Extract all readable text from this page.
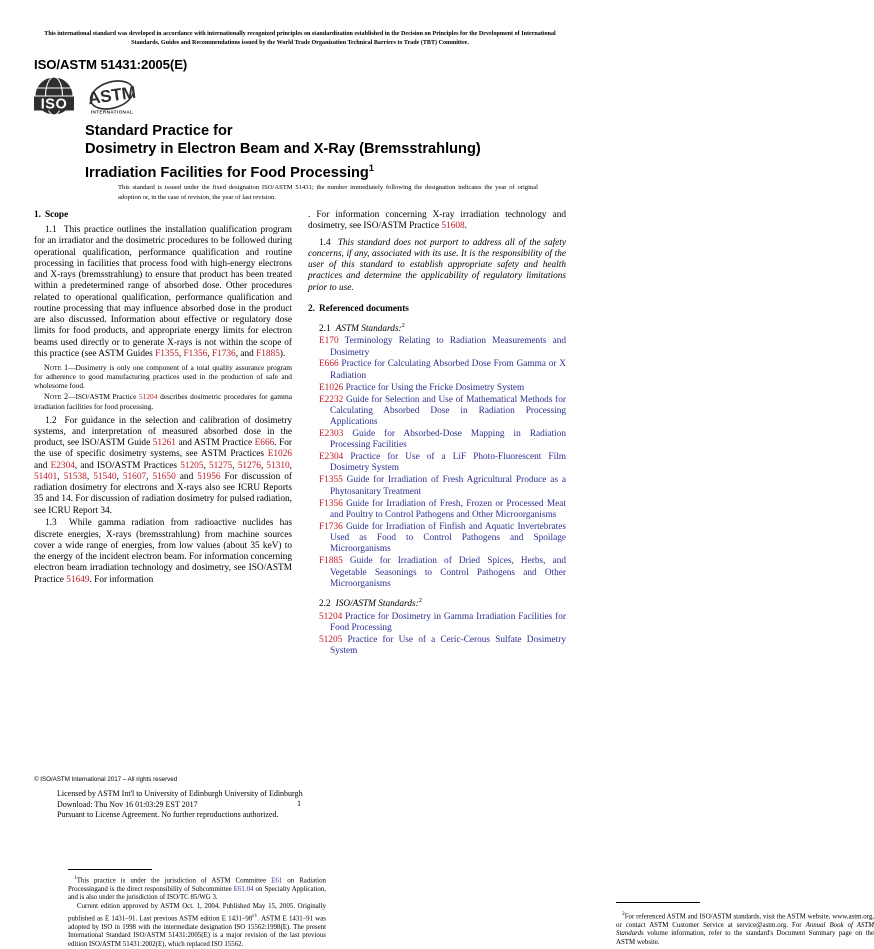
This international standard was developed in accordance with internationally recognized principles on standardization established in the Decision on Principles for the Development of International Standards, Guides and Recommendations issued by the World Trade Organization Technical Barriers to Trade (TBT) Committee.
ISO/ASTM 51431:2005(E)
ISO ASTM
INTERNATIONAL
Standard Practice for
Dosimetry in Electron Beam and X-Ray (Bremsstrahlung)
Irradiation Facilities for Food Processing$^1$
This standard is issued under the fixed designation ISO/ASTM 51431; the number immediately following the designation indicates the year of original adoption or, in the case of revision, the year of last revision.
1. Scope

1.1 This practice outlines the installation qualification program for an irradiator and the dosimetric procedures to be followed during operational qualification, performance qualification and routine processing in facilities that process food with high-energy electrons and X-rays (bremsstrahlung) to ensure that product has been treated within a predetermined range of absorbed dose. Other procedures related to operational qualification, performance qualification and routine processing that may influence absorbed dose in the product are also discussed. Information about effective or regulatory dose limits for food products, and appropriate energy limits for electron beams used directly or to generate X-rays is not within the scope of this practice (see ASTM Guides F1355, F1356, F1736, and F1885).

Note 1—Dosimetry is only one component of a total quality assurance program for adherence to good manufacturing practices used in the production of safe and wholesome food.

Note 2—ISO/ASTM Practice 51204 describes dosimetric procedures for gamma irradiation facilities for food processing.

1.2 For guidance in the selection and calibration of dosimetry systems, and interpretation of measured absorbed dose in the product, see ISO/ASTM Guide 51261 and ASTM Practice E666. For the use of specific dosimetry systems, see ASTM Practices E1026 and E2304, and ISO/ASTM Practices 51205, 51275, 51276, 51310, 51401, 51538, 51540, 51607, 51650 and 51956 For discussion of radiation dosimetry for electrons and X-rays also see ICRU Reports 35 and 14. For discussion of radiation dosimetry for pulsed radiation, see ICRU Report 34.

1.3 While gamma radiation from radioactive nuclides has discrete energies, X-rays (bremsstrahlung) from machine sources cover a wide range of energies, from low values (about 35 keV) to the energy of the incident electron beam. For information concerning electron beam irradiation technology and dosimetry, see ISO/ASTM Practice 51649. For information

$^1$This practice is under the jurisdiction of ASTM Committee E61 on Radiation Processingand is the direct responsibility of Subcommittee E61.04 on Specialty Application, and is also under the jurisdiction of ISO/TC 85/WG 3.

Current edition approved by ASTM Oct. 1, 2004. Published May 15, 2005. Originally published as E 1431–91. Last previous ASTM edition E 1431–98$^{\varepsilon 1}$. ASTM E 1431–91 was adopted by ISO in 1998 with the intermediate designation ISO 15562:1998(E). The present International Standard ISO/ASTM 51431:2005(E) is a major revision of the last previous edition ISO/ASTM 51431:2002(E), which replaced ISO 15562.

. For information concerning X-ray irradiation technology and dosimetry, see ISO/ASTM Practice 51608.

1.4 This standard does not purport to address all of the safety concerns, if any, associated with its use. It is the responsibility of the user of this standard to establish appropriate safety and health practices and determine the applicability of regulatory limitations prior to use.

2. Referenced documents
2.1 ASTM Standards:$^2$
E170 Terminology Relating to Radiation Measurements and Dosimetry
E666 Practice for Calculating Absorbed Dose From Gamma or X Radiation
E1026 Practice for Using the Fricke Dosimetry System
E2232 Guide for Selection and Use of Mathematical Methods for Calculating Absorbed Dose in Radiation Processing Applications
E2303 Guide for Absorbed-Dose Mapping in Radiation Processing Facilities
E2304 Practice for Use of a LiF Photo-Fluorescent Film Dosimetry System
F1355 Guide for Irradiation of Fresh Agricultural Produce as a Phytosanitary Treatment
F1356 Guide for Irradiation of Fresh, Frozen or Processed Meat and Poultry to Control Pathogens and Other Microorganisms
F1736 Guide for Irradiation of Finfish and Aquatic Invertebrates Used as Food to Control Pathogens and Spoilage Microorganisms
F1885 Guide for Irradiation of Dried Spices, Herbs, and Vegetable Seasonings to Control Pathogens and Other Microorganisms
2.2 ISO/ASTM Standards:$^2$
51204 Practice for Dosimetry in Gamma Irradiation Facilities for Food Processing
51205 Practice for Use of a Ceric-Cerous Sulfate Dosimetry System

$^2$For referenced ASTM and ISO/ASTM standards, visit the ASTM website, www.astm.org, or contact ASTM Customer Service at service@astm.org. For Annual Book of ASTM Standards volume information, refer to the standard's Document Summary page on the ASTM website.

© ISO/ASTM International 2017 – All rights reserved
Licensed by ASTM Int'l to University of Edinburgh University of Edinburgh
Download: Thu Nov 16 01:03:29 EST 2017
Pursuant to License Agreement. No further reproductions authorized.
1
